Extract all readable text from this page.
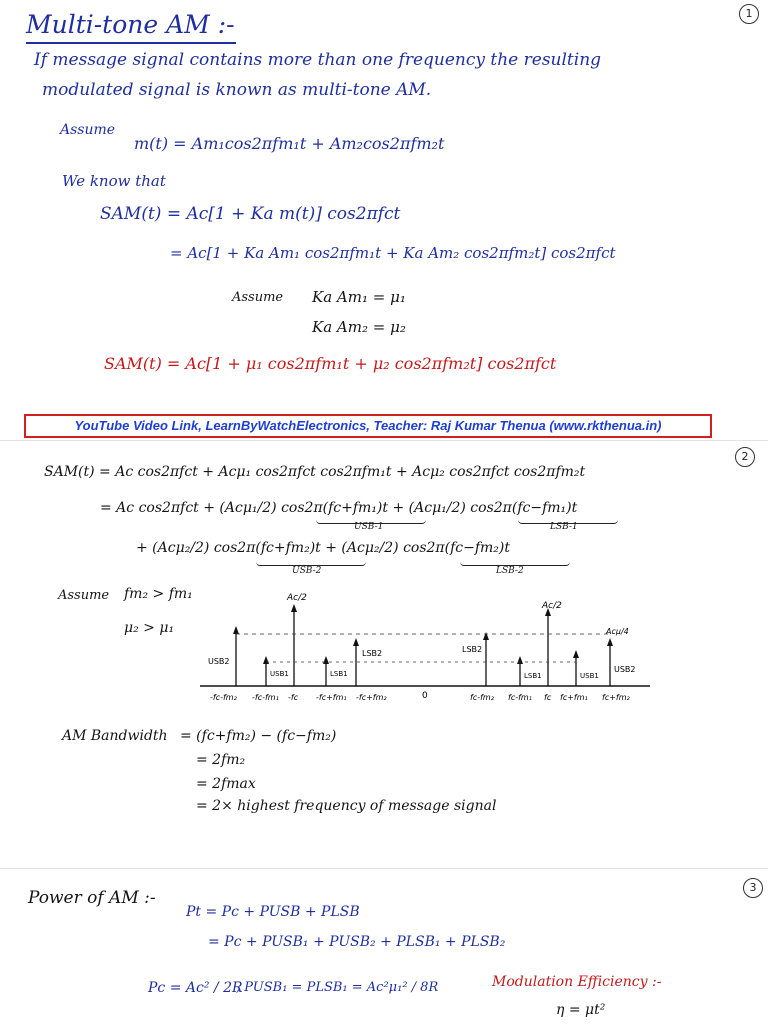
1
2
3
Multi-tone AM :-
If message signal contains more than one frequency the resulting
modulated signal is known as multi-tone AM.
Assume
m(t) = Am₁cos2πfm₁t + Am₂cos2πfm₂t
We know that
SAM(t) = Ac[1 + Ka m(t)] cos2πfct
= Ac[1 + Ka Am₁ cos2πfm₁t + Ka Am₂ cos2πfm₂t] cos2πfct
Assume Ka Am₁ = μ₁
Ka Am₂ = μ₂
SAM(t) = Ac[1 + μ₁ cos2πfm₁t + μ₂ cos2πfm₂t] cos2πfct
YouTube Video Link, LearnByWatchElectronics, Teacher: Raj Kumar Thenua (www.rkthenua.in)
SAM(t) = Ac cos2πfct + Acμ₁ cos2πfct cos2πfm₁t + Acμ₂ cos2πfct cos2πfm₂t
= Ac cos2πfct + (Acμ₁/2) cos2π(fc+fm₁)t + (Acμ₁/2) cos2π(fc−fm₁)t
USB-1	LSB-1
+ (Acμ₂/2) cos2π(fc+fm₂)t + (Acμ₂/2) cos2π(fc−fm₂)t
USB-2	LSB-2
Assume fm₂ > fm₁
μ₂ > μ₁
Ac/2
Ac/2
Acμ/4
USB2
USB1	LSB1
LSB2	LSB2
LSB1	USB1
USB2
0
-fc-fm₂ -fc-fm₁ -fc -fc+fm₁ -fc+fm₂	fc-fm₂ fc-fm₁ fc fc+fm₁ fc+fm₂
AM Bandwidth = (fc+fm₂) − (fc−fm₂)
= 2fm₂
= 2fmax
= 2× highest frequency of message signal
Power of AM :-
Pt = Pc + PUSB + PLSB
= Pc + PUSB₁ + PUSB₂ + PLSB₁ + PLSB₂
Pc = Ac² / 2R
, PUSB₁ = PLSB₁ = Ac²μ₁² / 8R	Modulation Efficiency :-
η = μt²
